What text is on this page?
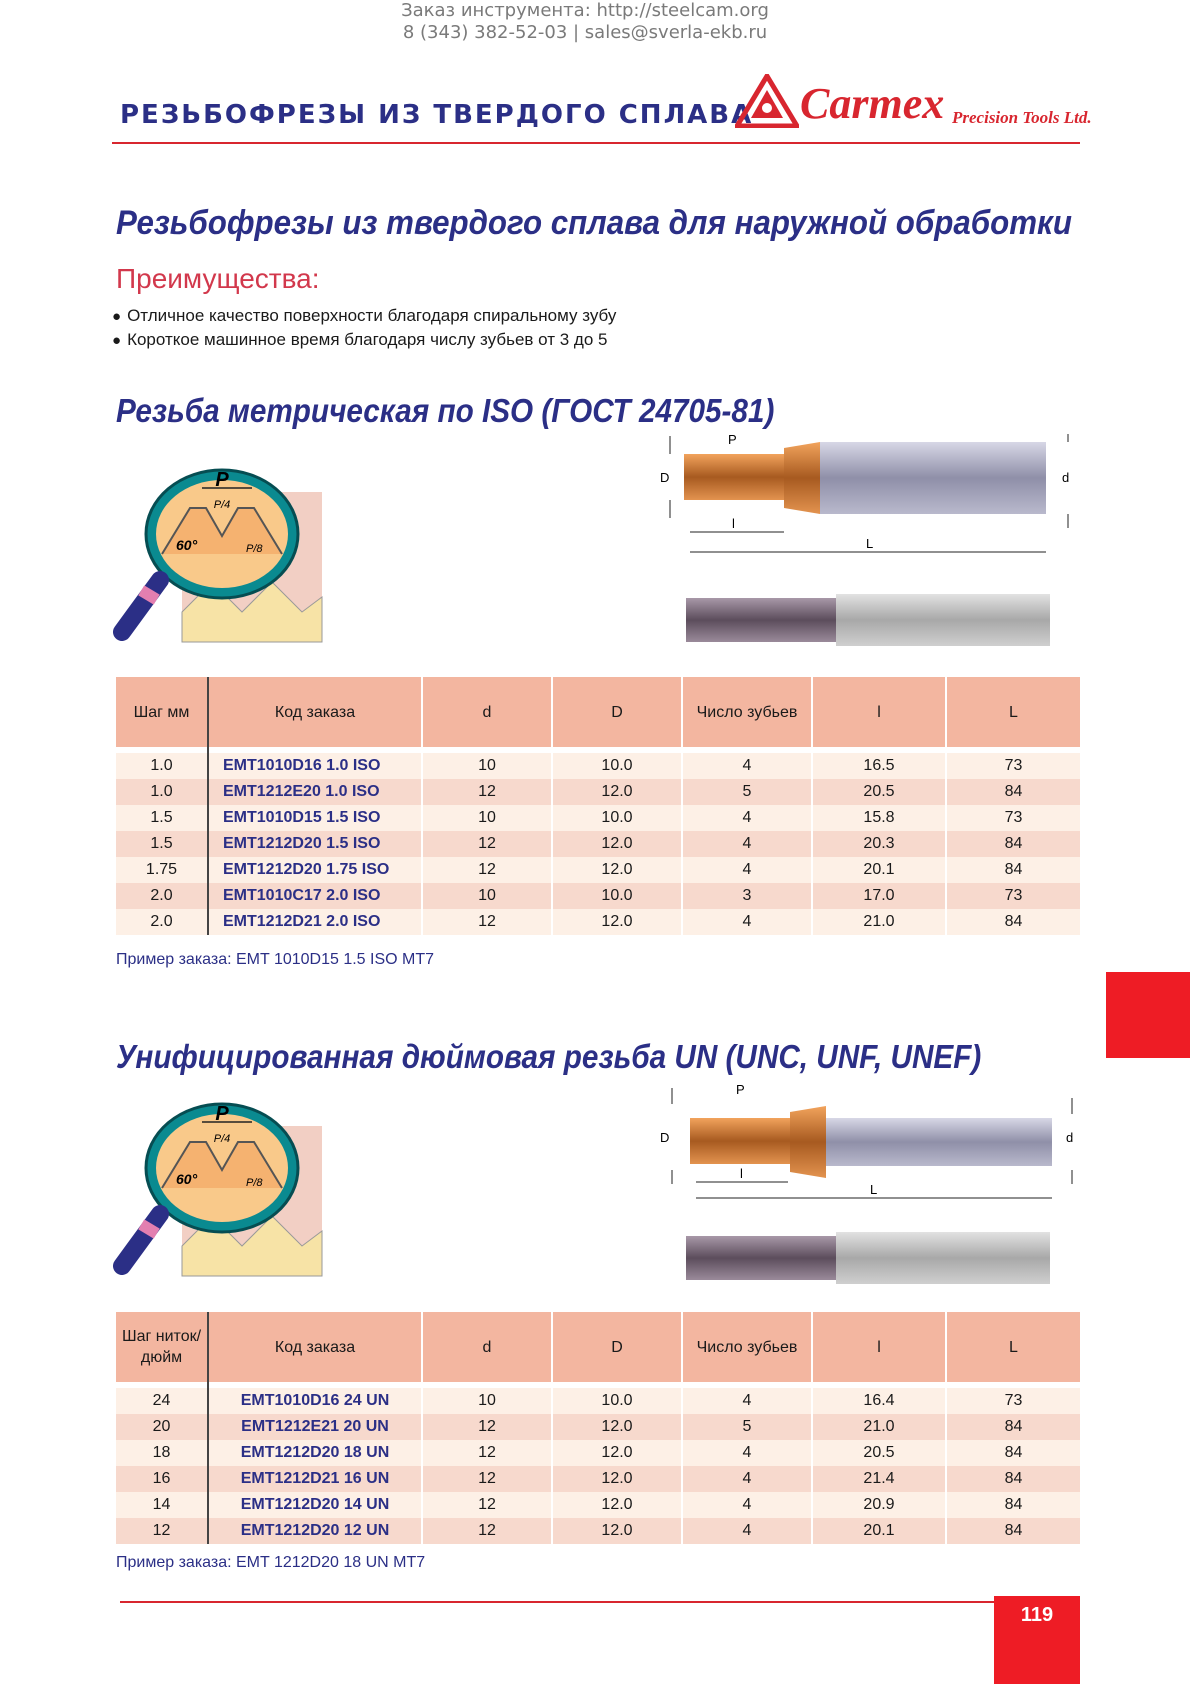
Заказ инструмента: http://steelcam.org
8 (343) 382-52-03 | sales@sverla-ekb.ru
РЕЗЬБОФРЕЗЫ ИЗ ТВЕРДОГО СПЛАВА Carmex Precision Tools Ltd.
Резьбофрезы из твердого сплава для наружной обработки
Преимущества:
● Отличное качество поверхности благодаря спиральному зубу
● Короткое машинное время благодаря числу зубьев от 3 до 5
Резьба метрическая по ISO (ГОСТ 24705-81)
P
P/4
P/8
60°
D	d
l
L
P
Шаг мм	Код заказа	d	D	Число зубьев	l	L

1.0	EMT1010D16 1.0 ISO	10	10.0	4	16.5	73
1.0	EMT1212E20 1.0 ISO	12	12.0	5	20.5	84
1.5	EMT1010D15 1.5 ISO	10	10.0	4	15.8	73
1.5	EMT1212D20 1.5 ISO	12	12.0	4	20.3	84
1.75	EMT1212D20 1.75 ISO	12	12.0	4	20.1	84
2.0	EMT1010C17 2.0 ISO	10	10.0	3	17.0	73
2.0	EMT1212D21 2.0 ISO	12	12.0	4	21.0	84
Пример заказа: EMT 1010D15 1.5 ISO MT7
Унифицированная дюймовая резьба UN (UNC, UNF, UNEF)
P
P/4
P/8
60°
D	d
l
L
P
Шаг ниток/ дюйм	Код заказа	d	D	Число зубьев	l	L

24	EMT1010D16 24 UN	10	10.0	4	16.4	73
20	EMT1212E21 20 UN	12	12.0	5	21.0	84
18	EMT1212D20 18 UN	12	12.0	4	20.5	84
16	EMT1212D21 16 UN	12	12.0	4	21.4	84
14	EMT1212D20 14 UN	12	12.0	4	20.9	84
12	EMT1212D20 12 UN	12	12.0	4	20.1	84
Пример заказа: EMT 1212D20 18 UN MT7
119
